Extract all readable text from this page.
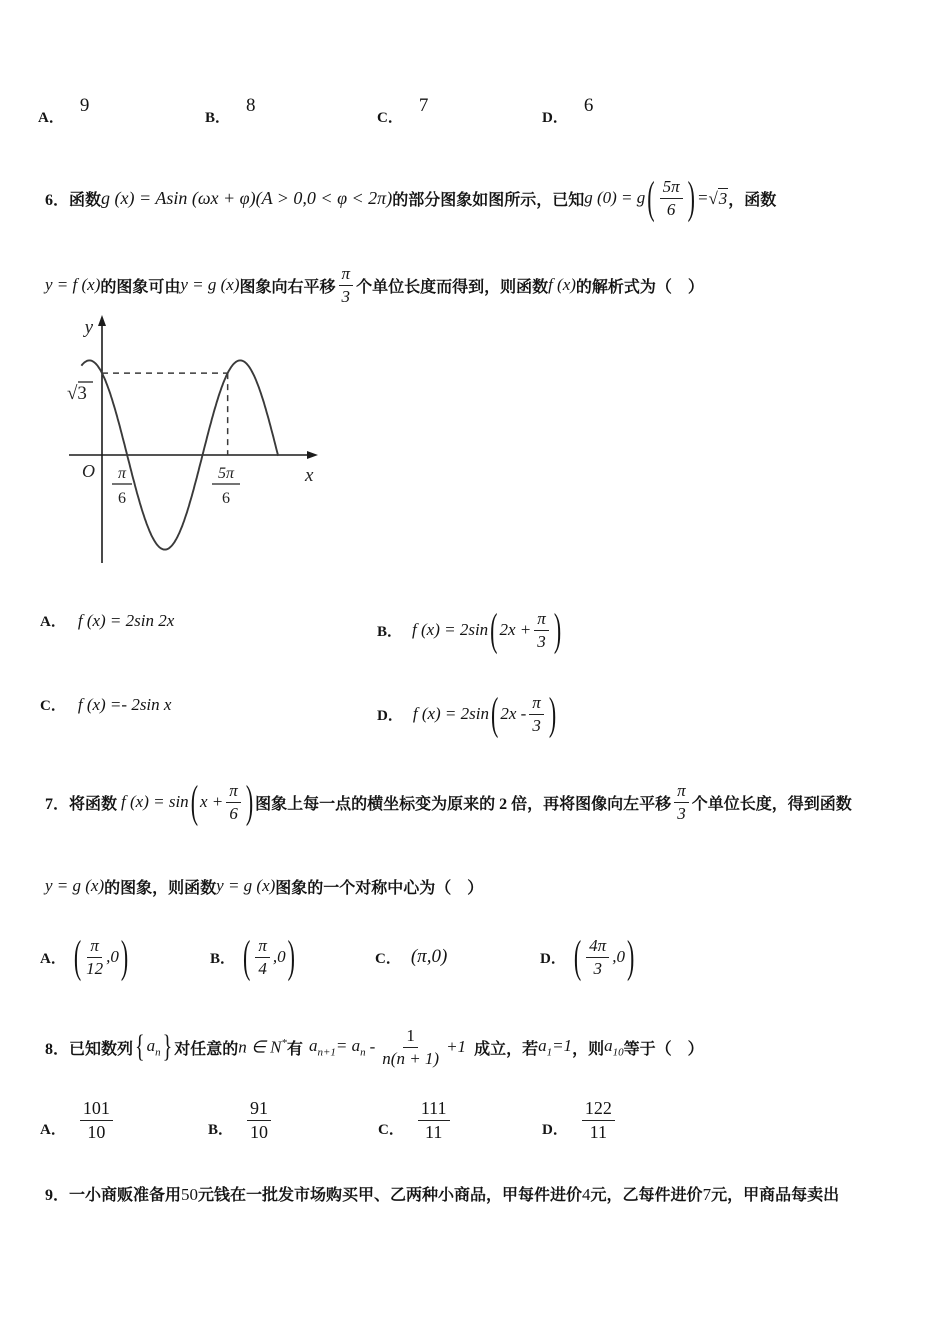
A．
9
B．
8
C．
7
D．
6
6． 函数 g (x) = Asin (ωx + φ)(A > 0,0 < φ < 2π) 的部分图象如图所示，已知 g (0) = g ( $\frac{5\pi}{6}$ ) = √ 3 ，函数
y = f (x) 的图象可由 y = g (x) 图象向右平移 $\frac{\pi}{3}$ 个单位长度而得到，则函数 f (x) 的解析式为（　）
y
x
O
√3
π
6
5π
6
A． f (x) = 2sin 2x
B． f (x) = 2sin ( $2x + \frac{\pi}{3}$ )
C． f (x) =- 2sin x
D． f (x) = 2sin ( $2x - \frac{\pi}{3}$ )
7． 将函数 f (x) = sin ( $x + \frac{\pi}{6}$ ) 图象上每一点的横坐标变为原来的 2 倍，再将图像向左平移 $\frac{\pi}{3}$ 个单位长度，得到函数
y = g (x) 的图象，则函数 y = g (x) 图象的一个对称中心为（　）
A． ( $\frac{\pi}{12} ,0$ )	B． ( $\frac{\pi}{4} ,0$ )	C． (π,0)	D． ( $\frac{4\pi}{3} ,0$ )
8． 已知数列 { $a_n$ } 对任意的 n ∈ N* 有 $a_{n+1} = a_n - \frac{1}{n(n + 1)} +1$ 成立，若 $a_1=1$ ，则 $a_{10}$ 等于（　）
A． $\frac{101}{10}$	B． $\frac{91}{10}$	C． $\frac{111}{11}$	D． $\frac{122}{11}$
9． 一小商贩准备用 50 元钱在一批发市场购买甲、乙两种小商品，甲每件进价 4 元，乙每件进价 7 元，甲商品每卖出
